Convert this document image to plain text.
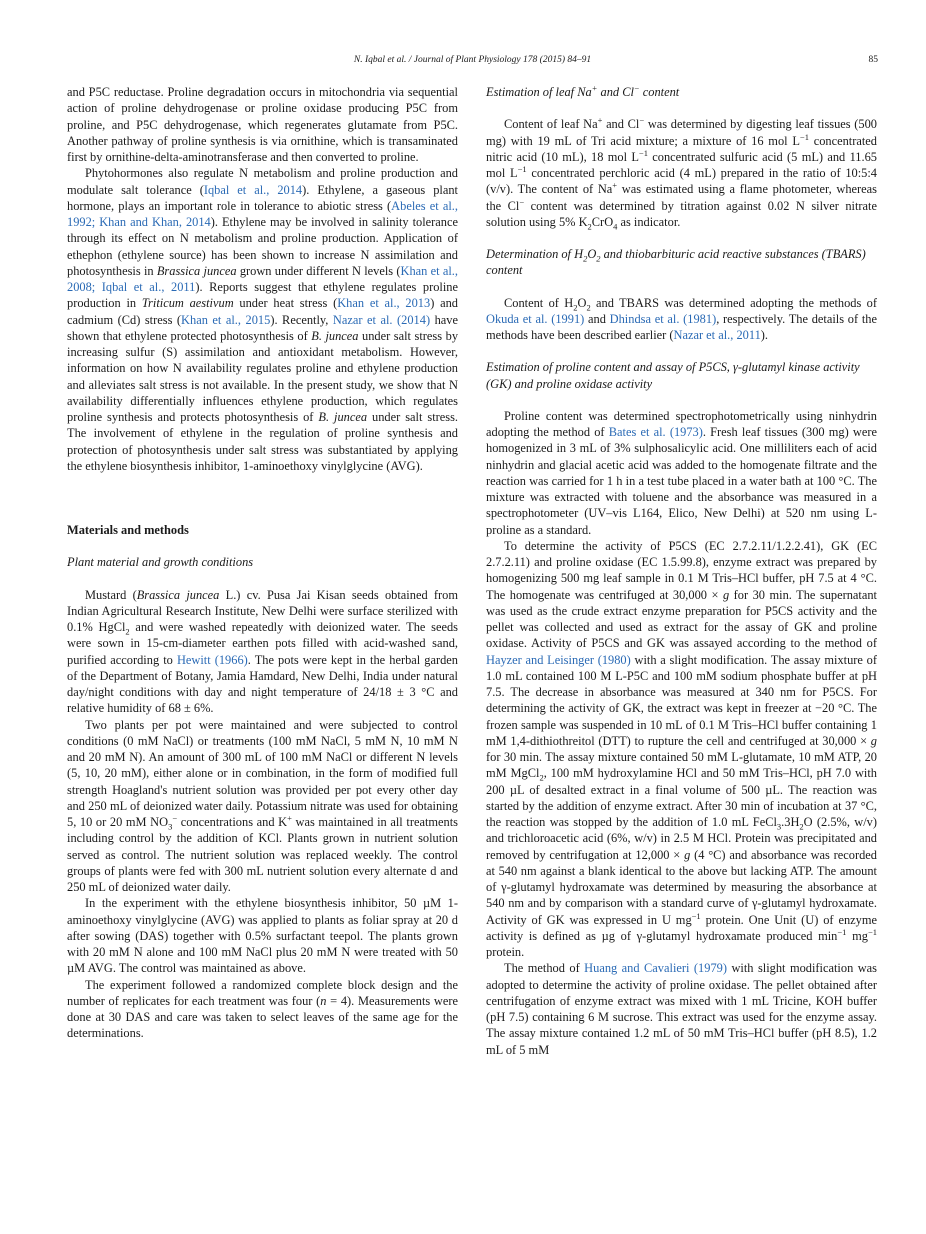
N. Iqbal et al. / Journal of Plant Physiology 178 (2015) 84–91	85

and P5C reductase. Proline degradation occurs in mitochondria via sequential action of proline dehydrogenase or proline oxidase producing P5C from proline, and P5C dehydrogenase, which regenerates glutamate from P5C. Another pathway of proline synthesis is via ornithine, which is transaminated first by ornithine-delta-aminotransferase and then converted to proline.

Phytohormones also regulate N metabolism and proline production and modulate salt tolerance (Iqbal et al., 2014). Ethylene, a gaseous plant hormone, plays an important role in tolerance to abiotic stress (Abeles et al., 1992; Khan and Khan, 2014). Ethylene may be involved in salinity tolerance through its effect on N metabolism and proline production. Application of ethephon (ethylene source) has been shown to increase N assimilation and photosynthesis in Brassica juncea grown under different N levels (Khan et al., 2008; Iqbal et al., 2011). Reports suggest that ethylene regulates proline production in Triticum aestivum under heat stress (Khan et al., 2013) and cadmium (Cd) stress (Khan et al., 2015). Recently, Nazar et al. (2014) have shown that ethylene protected photosynthesis of B. juncea under salt stress by increasing sulfur (S) assimilation and antioxidant metabolism. However, information on how N availability regulates proline and ethylene production and alleviates salt stress is not available. In the present study, we show that N availability differentially influences ethylene production, which regulates proline synthesis and protects photosynthesis of B. juncea under salt stress. The involvement of ethylene in the regulation of proline synthesis and protection of photosynthesis under salt stress was substantiated by applying the ethylene biosynthesis inhibitor, 1-aminoethoxy vinylglycine (AVG).

Materials and methods
Plant material and growth conditions

Mustard (Brassica juncea L.) cv. Pusa Jai Kisan seeds obtained from Indian Agricultural Research Institute, New Delhi were surface sterilized with 0.1% HgCl$_2$ and were washed repeatedly with deionized water. The seeds were sown in 15-cm-diameter earthen pots filled with acid-washed sand, purified according to Hewitt (1966). The pots were kept in the herbal garden of the Department of Botany, Jamia Hamdard, New Delhi, India under natural day/night conditions with day and night temperature of 24/18 ± 3 °C and relative humidity of 68 ± 6%.

Two plants per pot were maintained and were subjected to control conditions (0 mM NaCl) or treatments (100 mM NaCl, 5 mM N, 10 mM N and 20 mM N). An amount of 300 mL of 100 mM NaCl or different N levels (5, 10, 20 mM), either alone or in combination, in the form of modified full strength Hoagland's nutrient solution was provided per pot every other day and 250 mL of deionized water daily. Potassium nitrate was used for obtaining 5, 10 or 20 mM $NO_3^-$ concentrations and K+ was maintained in all treatments including control by the addition of KCl. Plants grown in nutrient solution served as control. The nutrient solution was replaced weekly. The control groups of plants were fed with 300 mL nutrient solution every alternate d and 250 mL of deionized water daily.

In the experiment with the ethylene biosynthesis inhibitor, 50 µM 1-aminoethoxy vinylglycine (AVG) was applied to plants as foliar spray at 20 d after sowing (DAS) together with 0.5% surfactant teepol. The plants grown with 20 mM N alone and 100 mM NaCl plus 20 mM N were treated with 50 µM AVG. The control was maintained as above.

The experiment followed a randomized complete block design and the number of replicates for each treatment was four (n = 4). Measurements were done at 30 DAS and care was taken to select leaves of the same age for the determinations.

Estimation of leaf Na+ and Cl− content

Content of leaf Na+ and Cl− was determined by digesting leaf tissues (500 mg) with 19 mL of Tri acid mixture; a mixture of 16 mol $L^{-1}$ concentrated nitric acid (10 mL), 18 mol $L^{-1}$ concentrated sulfuric acid (5 mL) and 11.65 mol $L^{-1}$ concentrated perchloric acid (4 mL) prepared in the ratio of 10:5:4 (v/v). The content of Na+ was estimated using a flame photometer, whereas the Cl− content was determined by titration against 0.02 N silver nitrate solution using 5% $K_2CrO_4$ as indicator.

Determination of $H_2O_2$ and thiobarbituric acid reactive substances (TBARS) content

Content of $H_2O_2$ and TBARS was determined adopting the methods of Okuda et al. (1991) and Dhindsa et al. (1981), respectively. The details of the methods have been described earlier (Nazar et al., 2011).

Estimation of proline content and assay of P5CS, γ-glutamyl kinase activity (GK) and proline oxidase activity

Proline content was determined spectrophotometrically using ninhydrin adopting the method of Bates et al. (1973). Fresh leaf tissues (300 mg) were homogenized in 3 mL of 3% sulphosalicylic acid. One milliliters each of acid ninhydrin and glacial acetic acid was added to the homogenate filtrate and the reaction was carried for 1 h in a test tube placed in a water bath at 100 °C. The mixture was extracted with toluene and the absorbance was measured in a spectrophotometer (UV–vis L164, Elico, New Delhi) at 520 nm using L-proline as a standard.

To determine the activity of P5CS (EC 2.7.2.11/1.2.2.41), GK (EC 2.7.2.11) and proline oxidase (EC 1.5.99.8), enzyme extract was prepared by homogenizing 500 mg leaf sample in 0.1 M Tris–HCl buffer, pH 7.5 at 4 °C. The homogenate was centrifuged at 30,000 × g for 30 min. The supernatant was used as the crude extract enzyme preparation for P5CS activity and the pellet was collected and used as extract for the assay of GK and proline oxidase. Activity of P5CS and GK was assayed according to the method of Hayzer and Leisinger (1980) with a slight modification. The assay mixture of 1.0 mL contained 100 M L-P5C and 100 mM sodium phosphate buffer at pH 7.5. The decrease in absorbance was measured at 340 nm for P5CS. For determining the activity of GK, the extract was kept in freezer at −20 °C. The frozen sample was suspended in 10 mL of 0.1 M Tris–HCl buffer containing 1 mM 1,4-dithiothreitol (DTT) to rupture the cell and centrifuged at 30,000 × g for 30 min. The assay mixture contained 50 mM L-glutamate, 10 mM ATP, 20 mM MgCl$_2$, 100 mM hydroxylamine HCl and 50 mM Tris–HCl, pH 7.0 with 200 µL of desalted extract in a final volume of 500 µL. The reaction was started by the addition of enzyme extract. After 30 min of incubation at 37 °C, the reaction was stopped by the addition of 1.0 mL $FeCl_3.3H_2O$ (2.5%, w/v) and trichloroacetic acid (6%, w/v) in 2.5 M HCl. Protein was precipitated and removed by centrifugation at 12,000 × g (4 °C) and absorbance was recorded at 540 nm against a blank identical to the above but lacking ATP. The amount of γ-glutamyl hydroxamate was determined by measuring the absorbance at 540 nm and by comparison with a standard curve of γ-glutamyl hydroxamate. Activity of GK was expressed in U $mg^{-1}$ protein. One Unit (U) of enzyme activity is defined as µg of γ-glutamyl hydroxamate produced $\min^{-1} mg^{-1}$ protein.

The method of Huang and Cavalieri (1979) with slight modification was adopted to determine the activity of proline oxidase. The pellet obtained after centrifugation of enzyme extract was mixed with 1 mL Tricine, KOH buffer (pH 7.5) containing 6 M sucrose. This extract was used for the enzyme assay. The assay mixture contained 1.2 mL of 50 mM Tris–HCl buffer (pH 8.5), 1.2 mL of 5 mM
